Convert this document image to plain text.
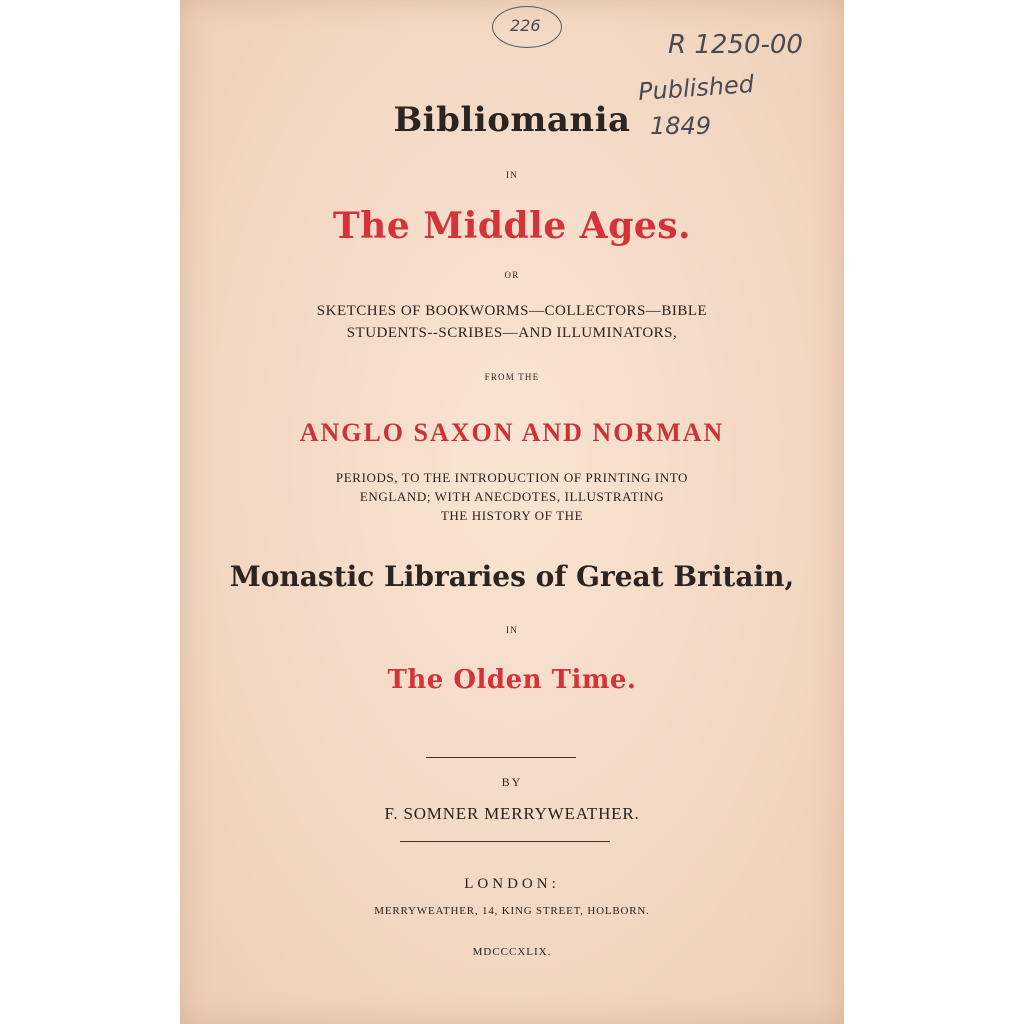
226
R 1250-00
Published
1849
Bibliomania
IN
The Middle Ages.
OR
SKETCHES OF BOOKWORMS—COLLECTORS—BIBLE
STUDENTS--SCRIBES—AND ILLUMINATORS,
FROM THE
ANGLO SAXON AND NORMAN
PERIODS, TO THE INTRODUCTION OF PRINTING INTO
ENGLAND; WITH ANECDOTES, ILLUSTRATING
THE HISTORY OF THE
Monastic Libraries of Great Britain,
IN
The Olden Time.
BY
F. SOMNER MERRYWEATHER.
LONDON:
MERRYWEATHER, 14, KING STREET, HOLBORN.
MDCCCXLIX.
